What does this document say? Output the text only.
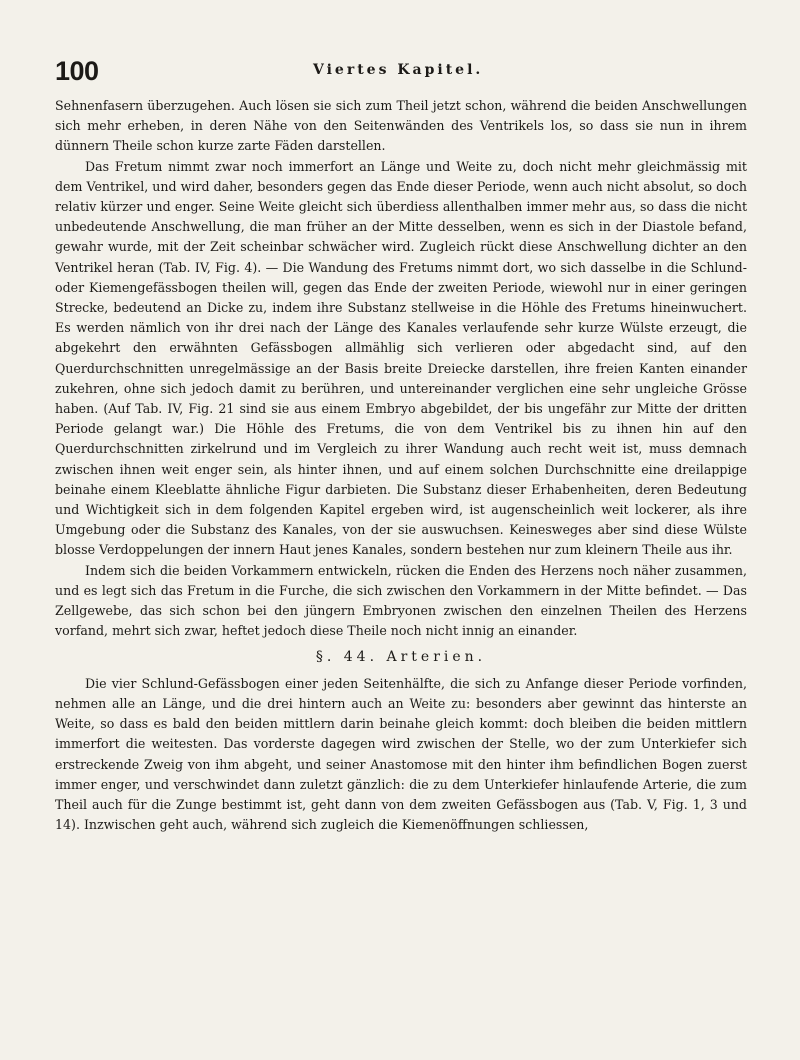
100	Viertes Kapitel.

Sehnenfasern überzugehen. Auch lösen sie sich zum Theil jetzt schon, während die beiden Anschwellungen sich mehr erheben, in deren Nähe von den Seitenwänden des Ventrikels los, so dass sie nun in ihrem dünnern Theile schon kurze zarte Fäden darstellen.

Das Fretum nimmt zwar noch immerfort an Länge und Weite zu, doch nicht mehr gleichmässig mit dem Ventrikel, und wird daher, besonders gegen das Ende dieser Periode, wenn auch nicht absolut, so doch relativ kürzer und enger. Seine Weite gleicht sich überdiess allenthalben immer mehr aus, so dass die nicht unbedeutende Anschwellung, die man früher an der Mitte desselben, wenn es sich in der Diastole befand, gewahr wurde, mit der Zeit scheinbar schwächer wird. Zugleich rückt diese Anschwellung dichter an den Ventrikel heran (Tab. IV, Fig. 4). — Die Wandung des Fretums nimmt dort, wo sich dasselbe in die Schlund- oder Kiemengefässbogen theilen will, gegen das Ende der zweiten Periode, wiewohl nur in einer geringen Strecke, bedeutend an Dicke zu, indem ihre Substanz stellweise in die Höhle des Fretums hineinwuchert. Es werden nämlich von ihr drei nach der Länge des Kanales verlaufende sehr kurze Wülste erzeugt, die abgekehrt den erwähnten Gefässbogen allmählig sich verlieren oder abgedacht sind, auf den Querdurchschnitten unregelmässige an der Basis breite Dreiecke darstellen, ihre freien Kanten einander zukehren, ohne sich jedoch damit zu berühren, und untereinander verglichen eine sehr ungleiche Grösse haben. (Auf Tab. IV, Fig. 21 sind sie aus einem Embryo abgebildet, der bis ungefähr zur Mitte der dritten Periode gelangt war.) Die Höhle des Fretums, die von dem Ventrikel bis zu ihnen hin auf den Querdurchschnitten zirkelrund und im Vergleich zu ihrer Wandung auch recht weit ist, muss demnach zwischen ihnen weit enger sein, als hinter ihnen, und auf einem solchen Durchschnitte eine dreilappige beinahe einem Kleeblatte ähnliche Figur darbieten. Die Substanz dieser Erhabenheiten, deren Bedeutung und Wichtigkeit sich in dem folgenden Kapitel ergeben wird, ist augenscheinlich weit lockerer, als ihre Umgebung oder die Substanz des Kanales, von der sie auswuchsen. Keinesweges aber sind diese Wülste blosse Verdoppelungen der innern Haut jenes Kanales, sondern bestehen nur zum kleinern Theile aus ihr.

Indem sich die beiden Vorkammern entwickeln, rücken die Enden des Herzens noch näher zusammen, und es legt sich das Fretum in die Furche, die sich zwischen den Vorkammern in der Mitte befindet. — Das Zellgewebe, das sich schon bei den jüngern Embryonen zwischen den einzelnen Theilen des Herzens vorfand, mehrt sich zwar, heftet jedoch diese Theile noch nicht innig an einander.

§. 44. Arterien.

Die vier Schlund-Gefässbogen einer jeden Seitenhälfte, die sich zu Anfange dieser Periode vorfinden, nehmen alle an Länge, und die drei hintern auch an Weite zu: besonders aber gewinnt das hinterste an Weite, so dass es bald den beiden mittlern darin beinahe gleich kommt: doch bleiben die beiden mittlern immerfort die weitesten. Das vorderste dagegen wird zwischen der Stelle, wo der zum Unterkiefer sich erstreckende Zweig von ihm abgeht, und seiner Anastomose mit den hinter ihm befindlichen Bogen zuerst immer enger, und verschwindet dann zuletzt gänzlich: die zu dem Unterkiefer hinlaufende Arterie, die zum Theil auch für die Zunge bestimmt ist, geht dann von dem zweiten Gefässbogen aus (Tab. V, Fig. 1, 3 und 14). Inzwischen geht auch, während sich zugleich die Kiemenöffnungen schliessen,
